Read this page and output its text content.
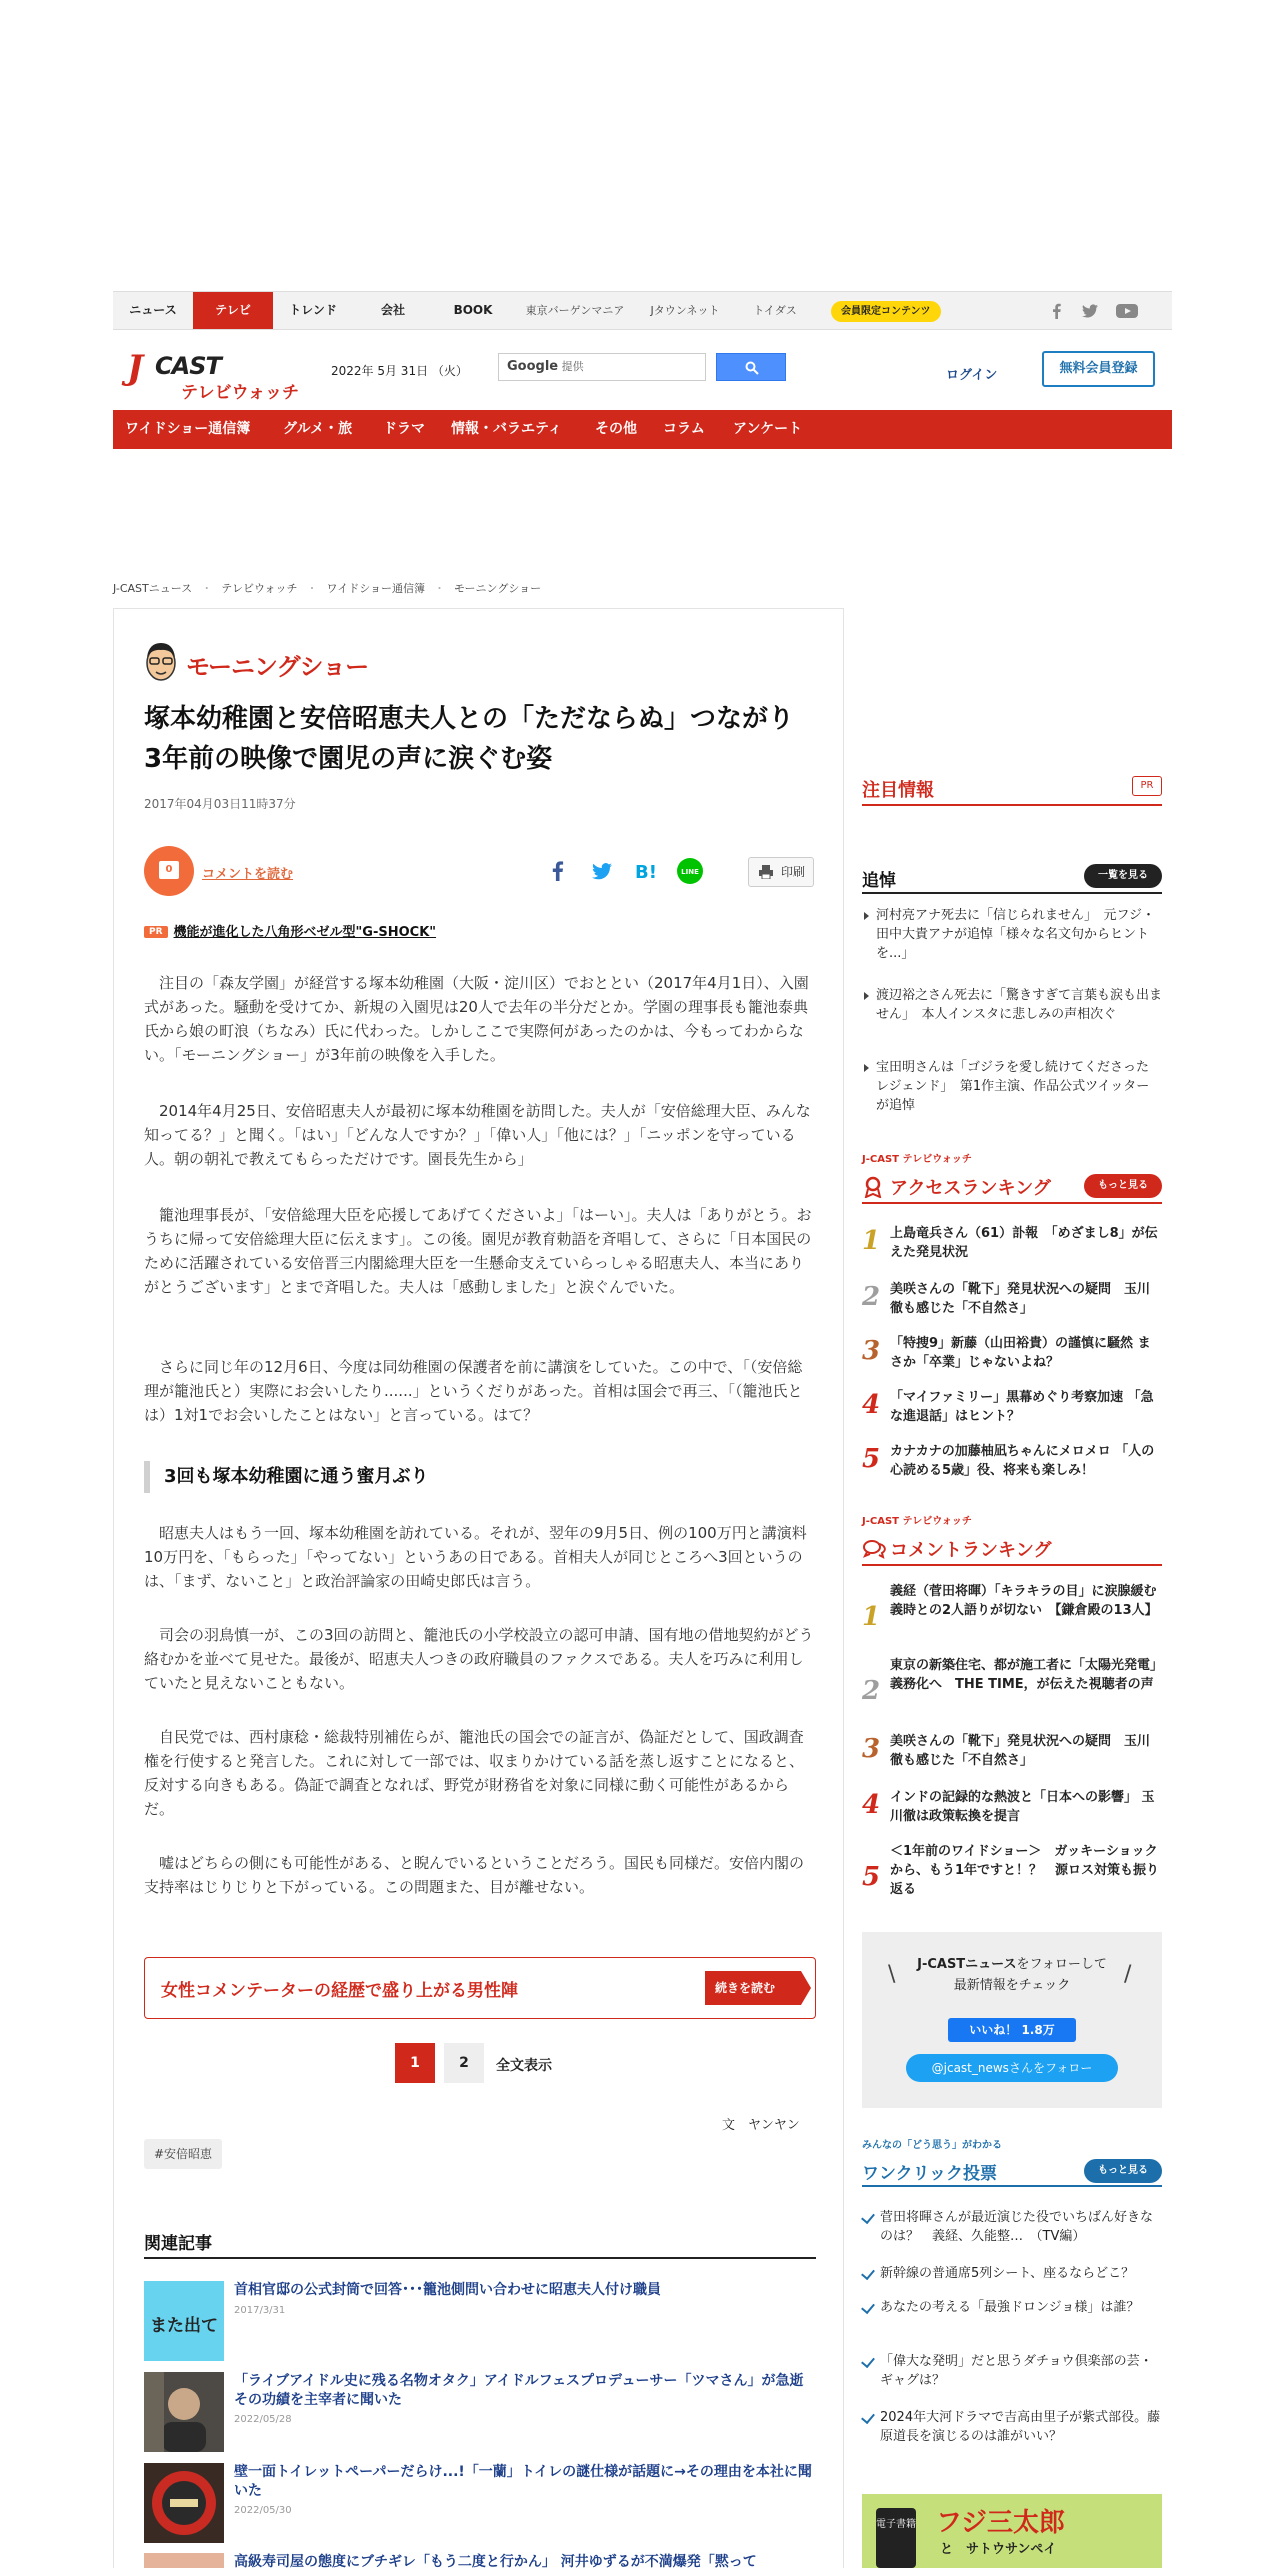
ニュース	テレビ	トレンド	会社	BOOK	東京バーゲンマニア	Jタウンネット	トイダス	会員限定コンテンツ
J CAST
テレビウォッチ
2022年 5月 31日 （火）	Google 提供
ログイン	無料会員登録
ワイドショー通信簿 グルメ・旅 ドラマ 情報・バラエティ その他 コラム アンケート
J-CASTニュース ・ テレビウォッチ ・ ワイドショー通信簿 ・ モーニングショー
モーニングショー
塚本幼稚園と安倍昭恵夫人との「ただならぬ」つながり　3年前の映像で園児の声に涙ぐむ姿
2017年04月03日11時37分
0	コメントを読む	B!	LINE	印刷
PR 機能が進化した八角形ベゼル型"G-SHOCK"

　注目の「森友学園」が経営する塚本幼稚園（大阪・淀川区）でおととい（2017年4月1日）、入園式があった。騒動を受けてか、新規の入園児は20人で去年の半分だとか。学園の理事長も籠池泰典氏から娘の町浪（ちなみ）氏に代わった。しかしここで実際何があったのかは、今もってわからない。「モーニングショー」が3年前の映像を入手した。

　2014年4月25日、安倍昭恵夫人が最初に塚本幼稚園を訪問した。夫人が「安倍総理大臣、みんな知ってる？」と聞く。「はい」「どんな人ですか？」「偉い人」「他には？」「ニッポンを守っている人。朝の朝礼で教えてもらっただけです。園長先生から」

　籠池理事長が、「安倍総理大臣を応援してあげてくださいよ」「はーい」。夫人は「ありがとう。おうちに帰って安倍総理大臣に伝えます」。この後。園児が教育勅語を斉唱して、さらに「日本国民のために活躍されている安倍晋三内閣総理大臣を一生懸命支えていらっしゃる昭恵夫人、本当にありがとうございます」とまで斉唱した。夫人は「感動しました」と涙ぐんでいた。

　さらに同じ年の12月6日、今度は同幼稚園の保護者を前に講演をしていた。この中で、「（安倍総理が籠池氏と）実際にお会いしたり......」というくだりがあった。首相は国会で再三、「（籠池氏とは）1対1でお会いしたことはない」と言っている。はて？

3回も塚本幼稚園に通う蜜月ぶり

　昭恵夫人はもう一回、塚本幼稚園を訪れている。それが、翌年の9月5日、例の100万円と講演料10万円を、「もらった」「やってない」というあの日である。首相夫人が同じところへ3回というのは、「まず、ないこと」と政治評論家の田崎史郎氏は言う。

　司会の羽鳥慎一が、この3回の訪問と、籠池氏の小学校設立の認可申請、国有地の借地契約がどう絡むかを並べて見せた。最後が、昭恵夫人つきの政府職員のファクスである。夫人を巧みに利用していたと見えないこともない。

　自民党では、西村康稔・総裁特別補佐らが、籠池氏の国会での証言が、偽証だとして、国政調査権を行使すると発言した。これに対して一部では、収まりかけている話を蒸し返すことになると、反対する向きもある。偽証で調査となれば、野党が財務省を対象に同様に動く可能性があるからだ。

　嘘はどちらの側にも可能性がある、と睨んでいるということだろう。国民も同様だ。安倍内閣の支持率はじりじりと下がっている。この問題また、目が離せない。

女性コメンテーターの経歴で盛り上がる男性陣	続きを読む
1	2	全文表示
文　ヤンヤン
#安倍昭恵
関連記事
また出て
首相官邸の公式封筒で回答･･･籠池側問い合わせに昭恵夫人付け職員
2017/3/31
「ライブアイドル史に残る名物オタク」アイドルフェスプロデューサー「ツマさん」が急逝 その功績を主宰者に聞いた
2022/05/28
壁一面トイレットペーパーだらけ...!「一蘭」トイレの謎仕様が話題に→その理由を本社に聞いた
2022/05/30
高級寿司屋の態度にブチギレ「もう二度と行かん」 河井ゆずるが不満爆発「黙って
注目情報	PR
追悼	一覧を見る
河村亮アナ死去に「信じられません」　元フジ・田中大貴アナが追悼「様々な名文句からヒントを...」
渡辺裕之さん死去に「驚きすぎて言葉も涙も出ません」　本人インスタに悲しみの声相次ぐ
宝田明さんは「ゴジラを愛し続けてくださったレジェンド」　第1作主演、作品公式ツイッターが追悼
J-CAST テレビウォッチ
アクセスランキング	もっと見る
1 上島竜兵さん（61）訃報　「めざまし8」が伝えた発見状況
2 美咲さんの「靴下」発見状況への疑問　玉川徹も感じた「不自然さ」
3 「特捜9」新藤（山田裕貴）の謹慎に騒然 まさか「卒業」じゃないよね？
4 「マイファミリー」黒幕めぐり考察加速 「急な進退話」はヒント？
5 カナカナの加藤柚凪ちゃんにメロメロ 「人の心読める5歳」役、将来も楽しみ！
J-CAST テレビウォッチ
コメントランキング
1
義経（菅田将暉）「キラキラの目」に涙腺緩む　義時との2人語りが切ない　【鎌倉殿の13人】
2
東京の新築住宅、都が施工者に「太陽光発電」義務化へ　THE TIME，が伝えた視聴者の声
3 美咲さんの「靴下」発見状況への疑問　玉川徹も感じた「不自然さ」
4 インドの記録的な熱波と「日本への影響」 玉川徹は政策転換を提言
5
＜1年前のワイドショー＞　ガッキーショックから、もう1年ですと！？　源ロス対策も振り返る
\	/
J-CASTニュースをフォローして
最新情報をチェック
いいね！ 1.8万
@jcast_newsさんをフォロー
みんなの「どう思う」がわかる
ワンクリック投票	もっと見る
菅田将暉さんが最近演じた役でいちばん好きなのは？　義経、久能整…　（TV編）
新幹線の普通席5列シート、座るならどこ？
あなたの考える「最強ドロンジョ様」は誰？
「偉大な発明」だと思うダチョウ倶楽部の芸・ギャグは？
2024年大河ドラマで吉高由里子が紫式部役。藤原道長を演じるのは誰がいい？
電子書籍 フジ三太郎
と　サトウサンペイ
